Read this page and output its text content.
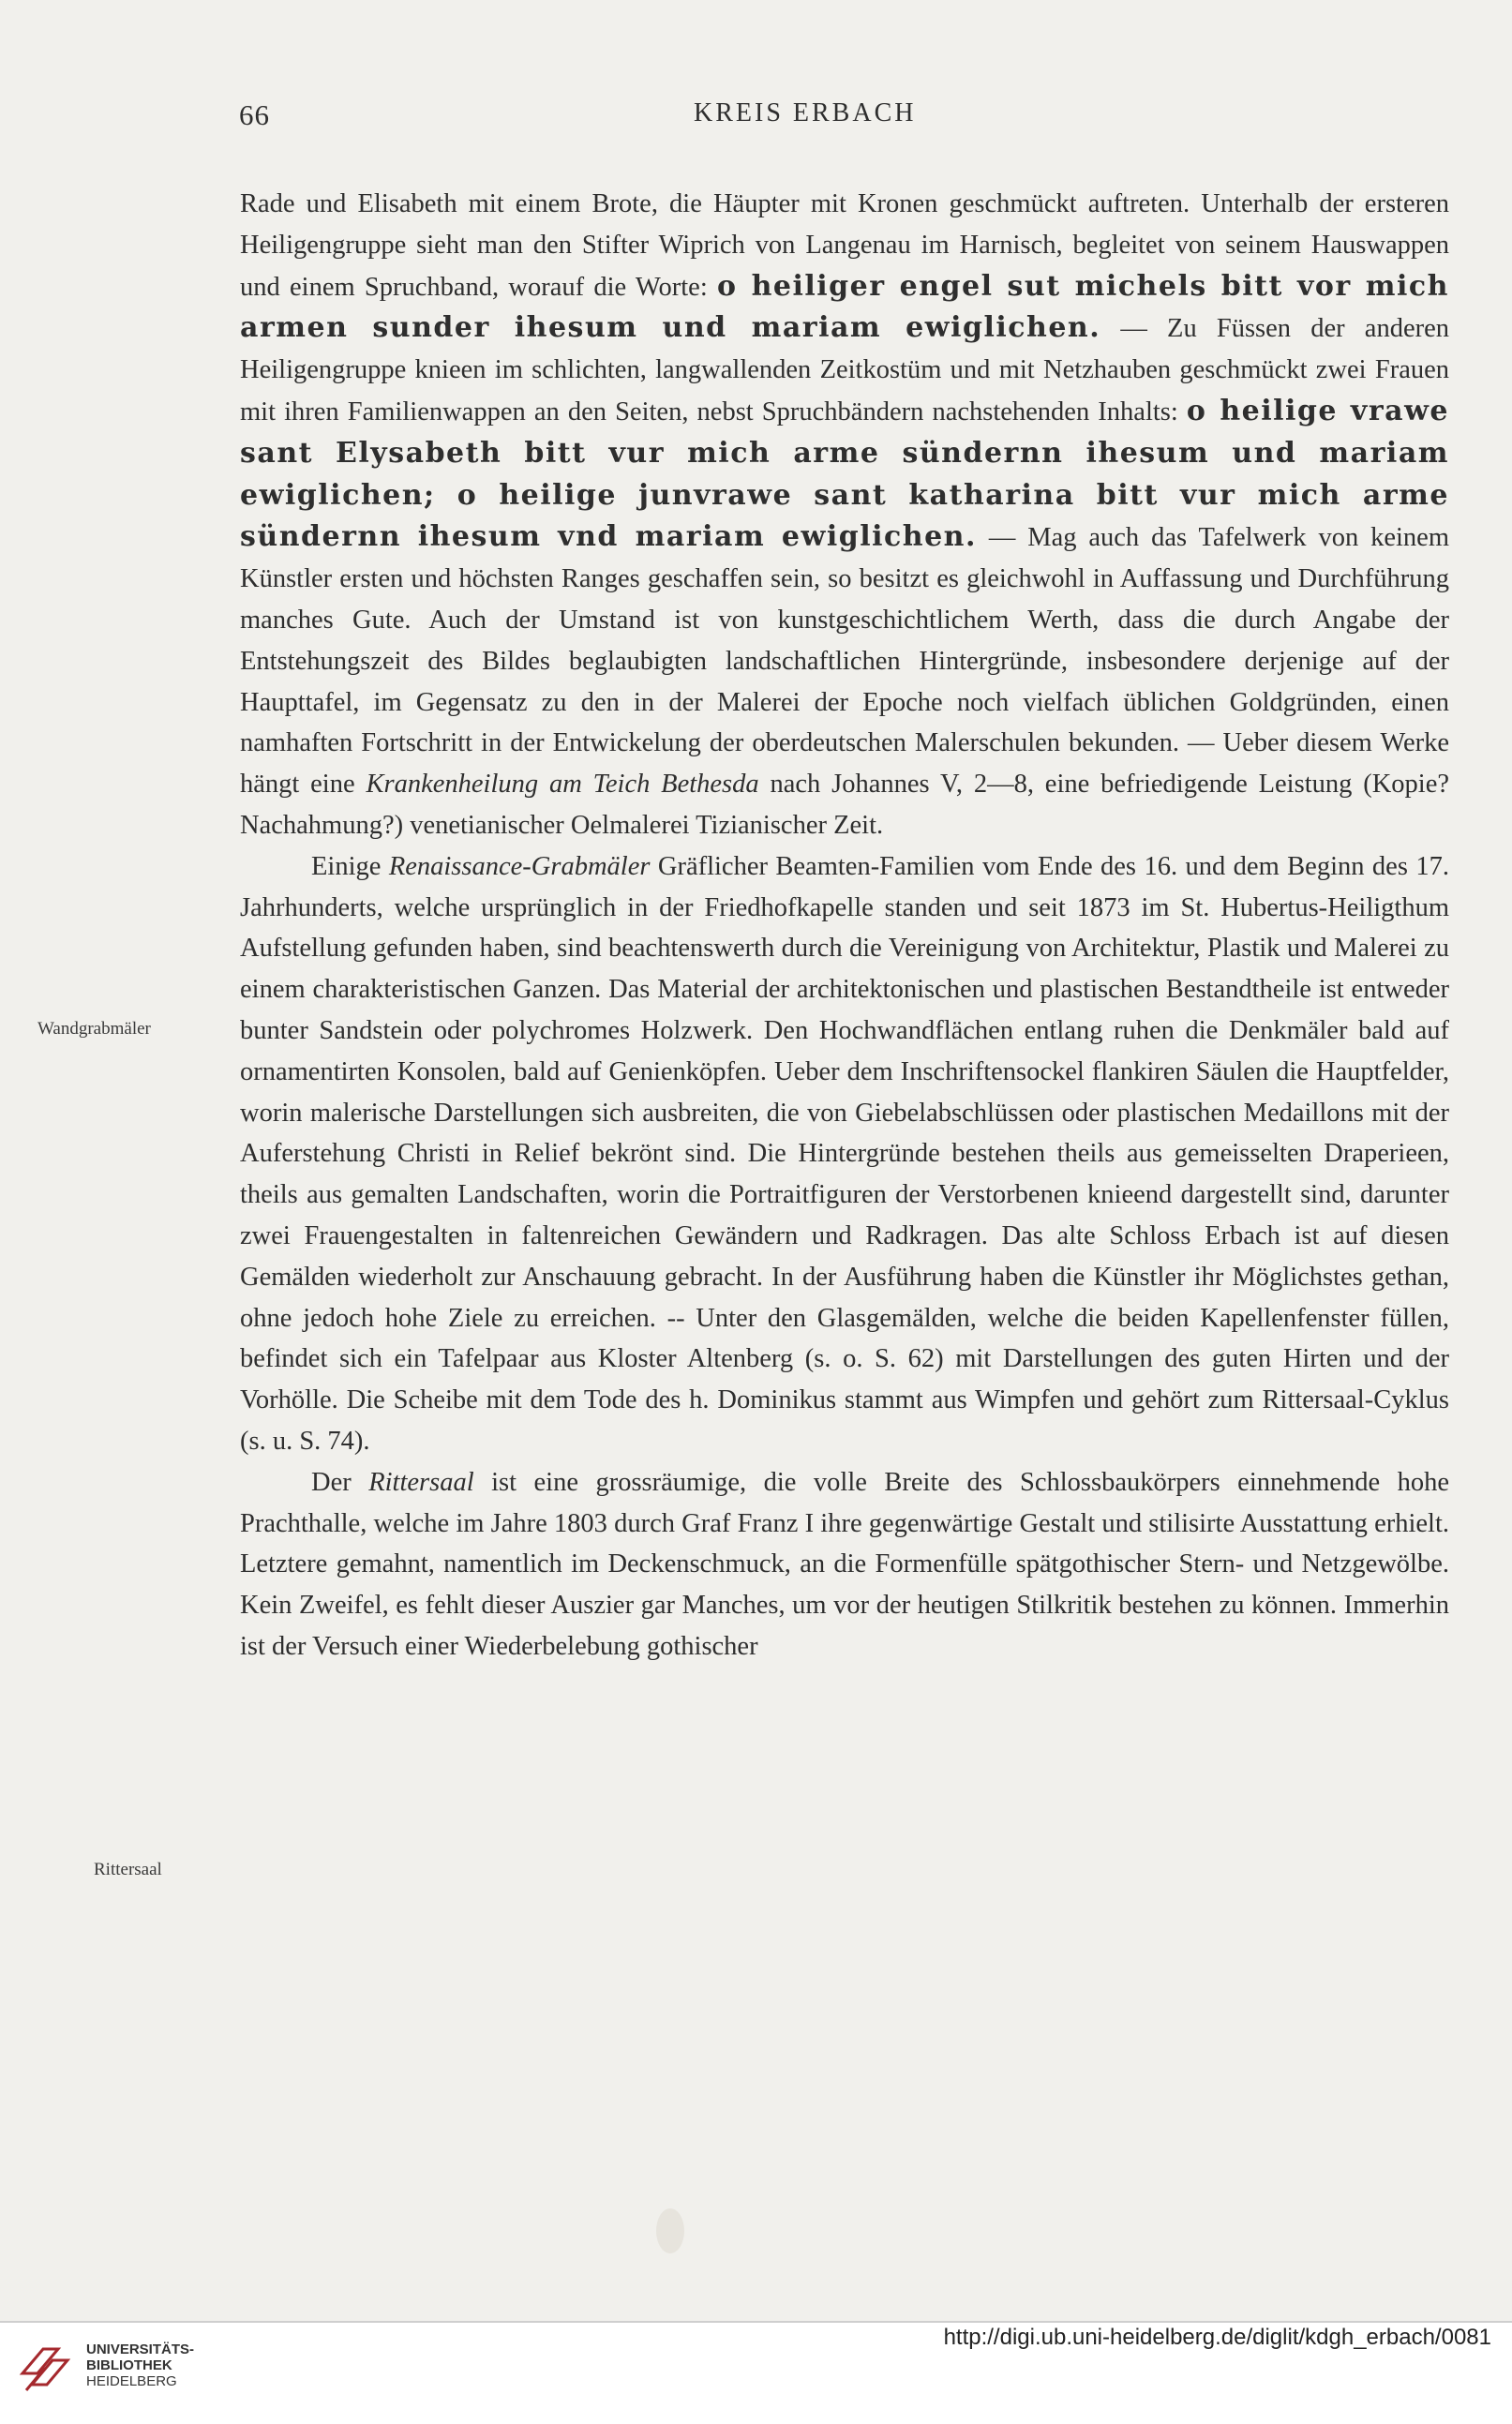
66	KREIS ERBACH
Wandgrabmäler
Rittersaal

Rade und Elisabeth mit einem Brote, die Häupter mit Kronen geschmückt auftreten. Unterhalb der ersteren Heiligengruppe sieht man den Stifter Wiprich von Langenau im Harnisch, begleitet von seinem Hauswappen und einem Spruchband, worauf die Worte: o heiliger engel sut michels bitt vor mich armen sunder ihesum und mariam ewiglichen. — Zu Füssen der anderen Heiligengruppe knieen im schlichten, langwallenden Zeitkostüm und mit Netzhauben geschmückt zwei Frauen mit ihren Familienwappen an den Seiten, nebst Spruchbändern nachstehenden Inhalts: o heilige vrawe sant Elysabeth bitt vur mich arme sündernn ihesum und mariam ewiglichen; o heilige junvrawe sant katharina bitt vur mich arme sündernn ihesum vnd mariam ewiglichen. — Mag auch das Tafelwerk von keinem Künstler ersten und höchsten Ranges geschaffen sein, so besitzt es gleichwohl in Auffassung und Durchführung manches Gute. Auch der Umstand ist von kunstgeschichtlichem Werth, dass die durch Angabe der Entstehungszeit des Bildes beglaubigten landschaftlichen Hintergründe, insbesondere derjenige auf der Haupttafel, im Gegensatz zu den in der Malerei der Epoche noch vielfach üblichen Goldgründen, einen namhaften Fortschritt in der Entwickelung der oberdeutschen Malerschulen bekunden. — Ueber diesem Werke hängt eine Krankenheilung am Teich Bethesda nach Johannes V, 2—8, eine befriedigende Leistung (Kopie? Nachahmung?) venetianischer Oelmalerei Tizianischer Zeit.

Einige Renaissance-Grabmäler Gräflicher Beamten-Familien vom Ende des 16. und dem Beginn des 17. Jahrhunderts, welche ursprünglich in der Friedhofkapelle standen und seit 1873 im St. Hubertus-Heiligthum Aufstellung gefunden haben, sind beachtenswerth durch die Vereinigung von Architektur, Plastik und Malerei zu einem charakteristischen Ganzen. Das Material der architektonischen und plastischen Bestandtheile ist entweder bunter Sandstein oder polychromes Holzwerk. Den Hochwandflächen entlang ruhen die Denkmäler bald auf ornamentirten Konsolen, bald auf Genienköpfen. Ueber dem Inschriftensockel flankiren Säulen die Hauptfelder, worin malerische Darstellungen sich ausbreiten, die von Giebelabschlüssen oder plastischen Medaillons mit der Auferstehung Christi in Relief bekrönt sind. Die Hintergründe bestehen theils aus gemeisselten Draperieen, theils aus gemalten Landschaften, worin die Portraitfiguren der Verstorbenen knieend dargestellt sind, darunter zwei Frauengestalten in faltenreichen Gewändern und Radkragen. Das alte Schloss Erbach ist auf diesen Gemälden wiederholt zur Anschauung gebracht. In der Ausführung haben die Künstler ihr Möglichstes gethan, ohne jedoch hohe Ziele zu erreichen. -- Unter den Glasgemälden, welche die beiden Kapellenfenster füllen, befindet sich ein Tafelpaar aus Kloster Altenberg (s. o. S. 62) mit Darstellungen des guten Hirten und der Vorhölle. Die Scheibe mit dem Tode des h. Dominikus stammt aus Wimpfen und gehört zum Rittersaal-Cyklus (s. u. S. 74).

Der Rittersaal ist eine grossräumige, die volle Breite des Schlossbaukörpers einnehmende hohe Prachthalle, welche im Jahre 1803 durch Graf Franz I ihre gegenwärtige Gestalt und stilisirte Ausstattung erhielt. Letztere gemahnt, namentlich im Deckenschmuck, an die Formenfülle spätgothischer Stern- und Netzgewölbe. Kein Zweifel, es fehlt dieser Auszier gar Manches, um vor der heutigen Stilkritik bestehen zu können. Immerhin ist der Versuch einer Wiederbelebung gothischer

UNIVERSITÄTS-
BIBLIOTHEK
HEIDELBERG
http://digi.ub.uni-heidelberg.de/diglit/kdgh_erbach/0081
